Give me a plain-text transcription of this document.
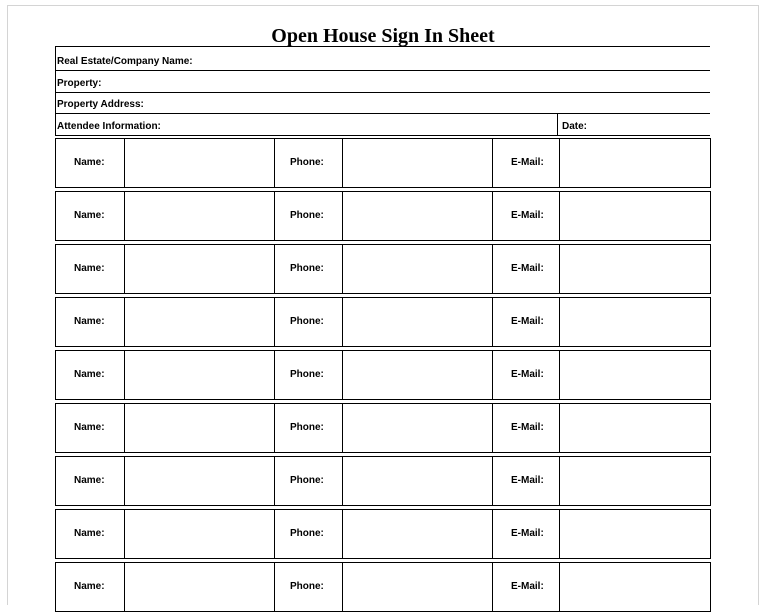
Open House Sign In Sheet
Real Estate/Company Name:
Property:
Property Address:
Attendee Information:	Date:
Name:	Phone:	E-Mail:
Name:	Phone:	E-Mail:
Name:	Phone:	E-Mail:
Name:	Phone:	E-Mail:
Name:	Phone:	E-Mail:
Name:	Phone:	E-Mail:
Name:	Phone:	E-Mail:
Name:	Phone:	E-Mail:
Name:	Phone:	E-Mail:
